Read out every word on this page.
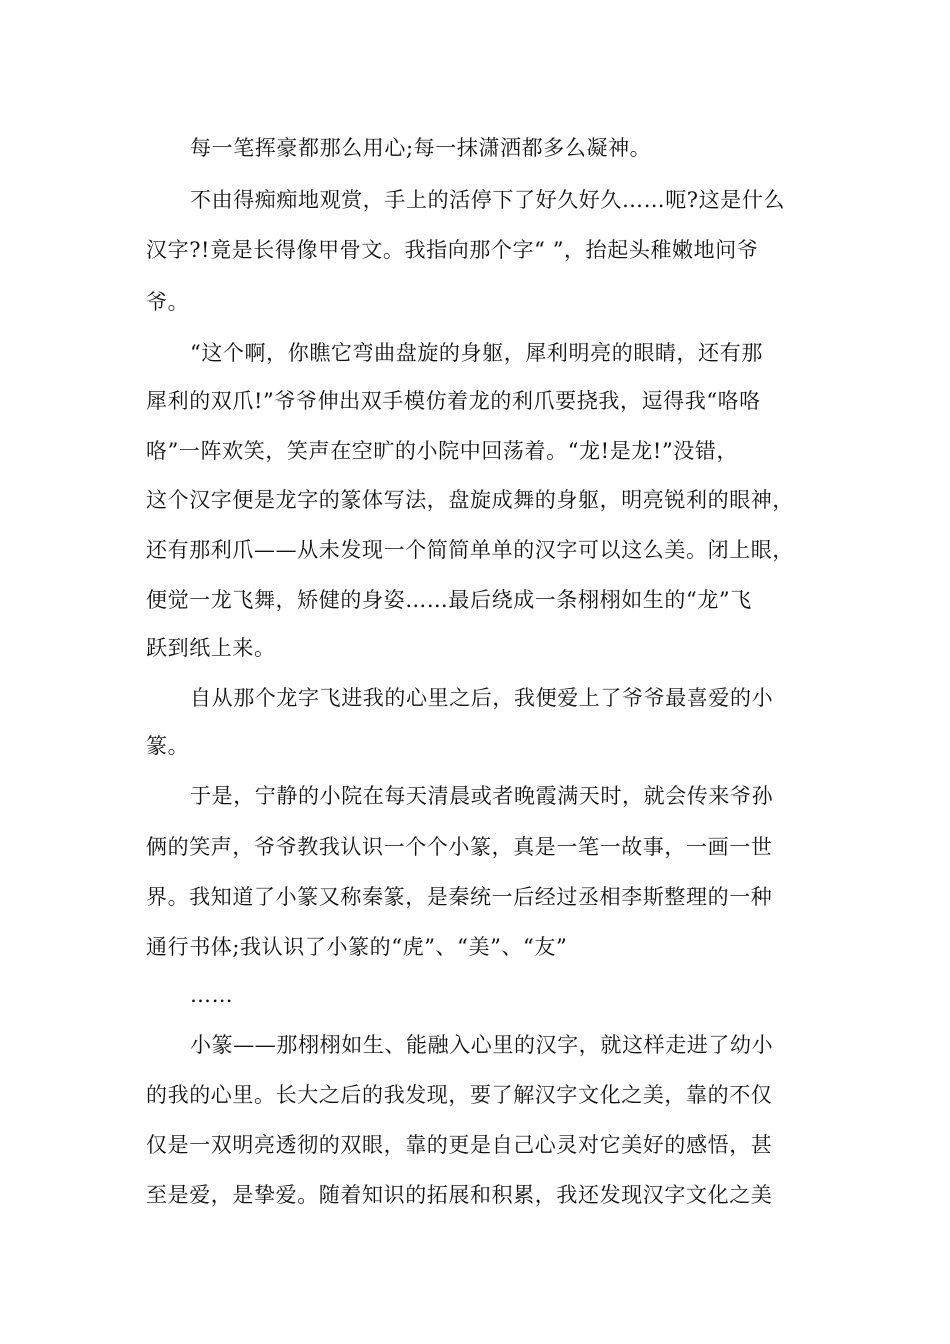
每一笔挥豪都那么用心;每一抹潇洒都多么凝神。

不由得痴痴地观赏，手上的活停下了好久好久……呃?这是什么

汉字?!竟是长得像甲骨文。我指向那个字“ ”，抬起头稚嫩地问爷

爷。

“这个啊，你瞧它弯曲盘旋的身躯，犀利明亮的眼睛，还有那

犀利的双爪!”爷爷伸出双手模仿着龙的利爪要挠我，逗得我“咯咯

咯”一阵欢笑，笑声在空旷的小院中回荡着。“龙!是龙!”没错，

这个汉字便是龙字的篆体写法，盘旋成舞的身躯，明亮锐利的眼神，

还有那利爪——从未发现一个简简单单的汉字可以这么美。闭上眼，

便觉一龙飞舞，矫健的身姿……最后绕成一条栩栩如生的“龙”飞

跃到纸上来。

自从那个龙字飞进我的心里之后，我便爱上了爷爷最喜爱的小

篆。

于是，宁静的小院在每天清晨或者晚霞满天时，就会传来爷孙

俩的笑声，爷爷教我认识一个个小篆，真是一笔一故事，一画一世

界。我知道了小篆又称秦篆，是秦统一后经过丞相李斯整理的一种

通行书体;我认识了小篆的“虎”、“美”、“友”

……

小篆——那栩栩如生、能融入心里的汉字，就这样走进了幼小

的我的心里。长大之后的我发现，要了解汉字文化之美，靠的不仅

仅是一双明亮透彻的双眼，靠的更是自己心灵对它美好的感悟，甚

至是爱，是挚爱。随着知识的拓展和积累，我还发现汉字文化之美
